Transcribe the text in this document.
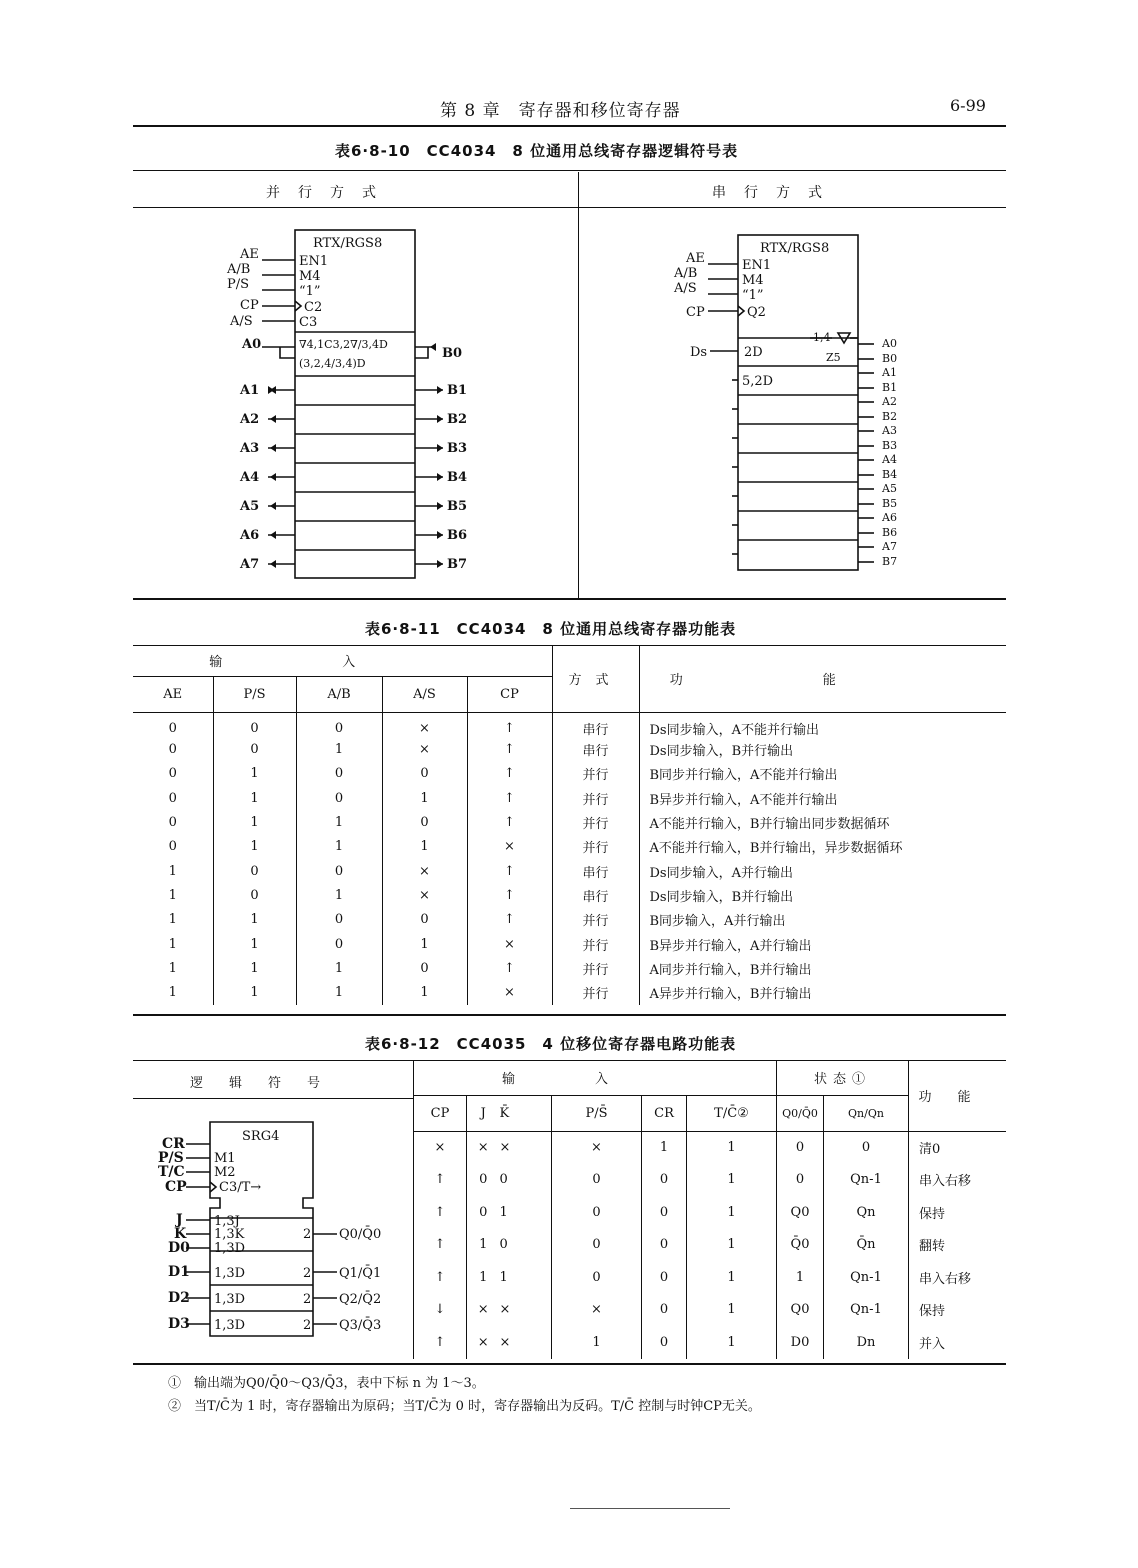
第 8 章　寄存器和移位寄存器	6-99
表6·8-10　CC4034　8 位通用总线寄存器逻辑符号表
并行方式	串行方式
RTX/RGS8
EN1
M4
“1”
C2
C3
AE
A/B
P/S
CP
A/S
∇4,1C3,2∇/3,4D
(3,2,4/3,4)D
A0
B0
A1
A2
A3
A4
A5
A6
A7
B1
B2
B3
B4
B5
B6
B7
RTX/RGS8
EN1
M4
“1”
Q2
AE
A/B
A/S
CP
Ds	2D
5,2D
1,4
Z5
A0
B0
A1
B1
A2
B2
A3
B3
A4
B4
A5
B5
A6
B6
A7
B7
表6·8-11　CC4034　8 位通用总线寄存器功能表
输入					方式	功能
AE	P/S	A/B	A/S	CP		
0	0	0	×	↑	串行	Ds同步输入，A不能并行输出
0	0	1	×	↑	串行	Ds同步输入，B并行输出
0	1	0	0	↑	并行	B同步并行输入，A不能并行输出
0	1	0	1	↑	并行	B异步并行输入，A不能并行输出
0	1	1	0	↑	并行	A不能并行输入，B并行输出同步数据循环
0	1	1	1	×	并行	A不能并行输入，B并行输出，异步数据循环
1	0	0	×	↑	串行	Ds同步输入，A并行输出
1	0	1	×	↑	串行	Ds同步输入，B并行输出
1	1	0	0	↑	并行	B同步输入，A并行输出
1	1	0	1	×	并行	B异步并行输入，A并行输出
1	1	1	0	↑	并行	A同步并行输入，B并行输出
1	1	1	1	×	并行	A异步并行输入，B并行输出
表6·8-12　CC4035　4 位移位寄存器电路功能表
逻辑符号
SRG4
M1
M2
C3/T→
1,3J
1,3K
1,3D
1,3D
1,3D
1,3D
2
2
2
2
Q0/Q̄0
Q1/Q̄1
Q2/Q̄2
Q3/Q̄3
CR
P/S
T/C
CP
J
K
D0
D1
D2
D3
输入						状态①		功能
CP	J	K̄	P/S̄	CR	T/C̄②	Q0/Q̄0	Qn/Qn	
×	×	×	×	1	1	0	0	清0
↑	0	0	0	0	1	0	Qn-1	串入右移
↑	0	1	0	0	1	Q0	Qn	保持
↑	1	0	0	0	1	Q̄0	Q̄n	翻转
↑	1	1	0	0	1	1	Qn-1	串入右移
↓	×	×	×	0	1	Q0	Qn-1	保持
↑	×	×	1	0	1	D0	Dn	并入
①　输出端为Q0/Q̄0～Q3/Q̄3，表中下标 n 为 1～3。
②　当T/C̄为 1 时，寄存器输出为原码；当T/C̄为 0 时，寄存器输出为反码。T/C̄ 控制与时钟CP无关。
